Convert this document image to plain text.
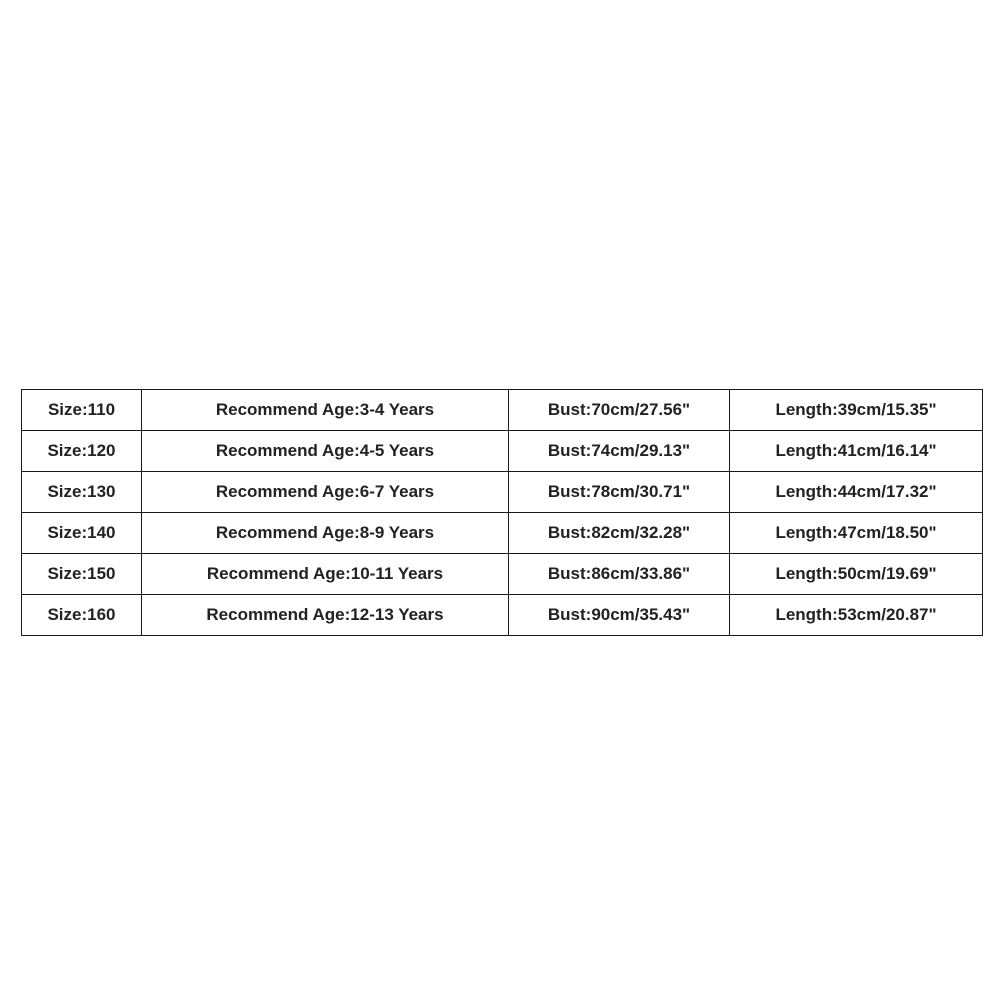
Size:110	Recommend Age:3-4 Years	Bust:70cm/27.56"	Length:39cm/15.35"
Size:120	Recommend Age:4-5 Years	Bust:74cm/29.13"	Length:41cm/16.14"
Size:130	Recommend Age:6-7 Years	Bust:78cm/30.71"	Length:44cm/17.32"
Size:140	Recommend Age:8-9 Years	Bust:82cm/32.28"	Length:47cm/18.50"
Size:150	Recommend Age:10-11 Years	Bust:86cm/33.86"	Length:50cm/19.69"
Size:160	Recommend Age:12-13 Years	Bust:90cm/35.43"	Length:53cm/20.87"
